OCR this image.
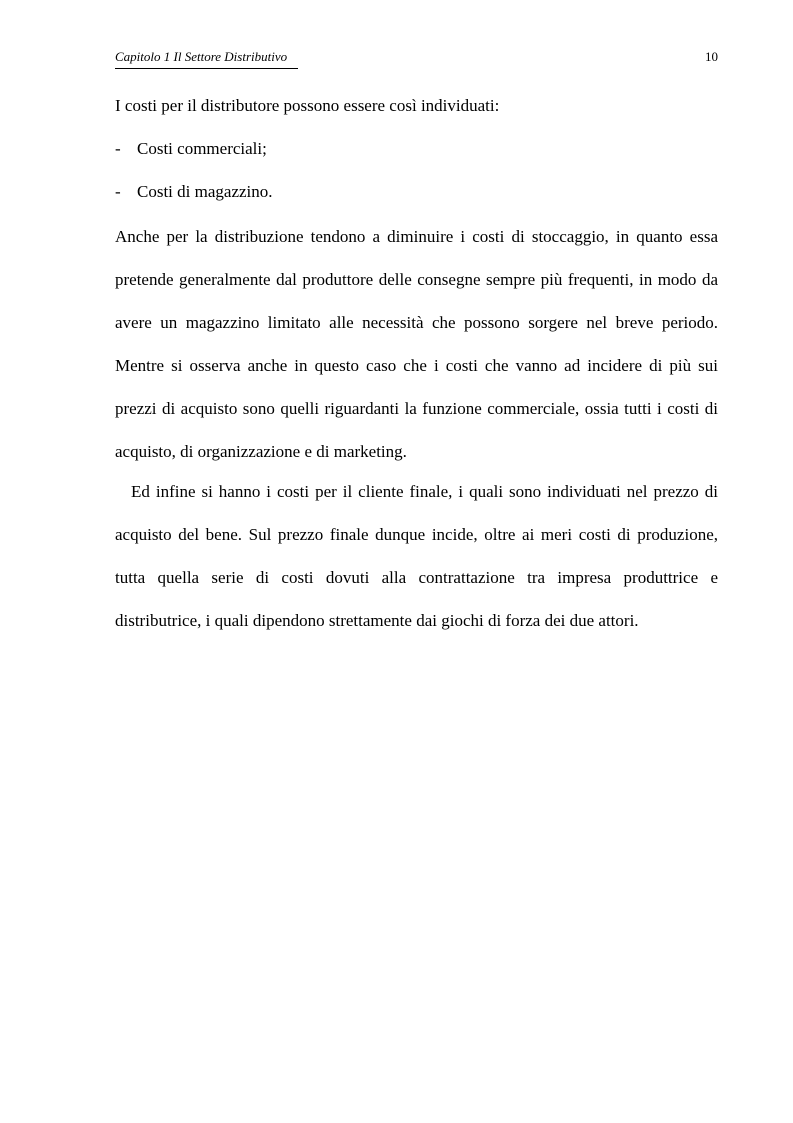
Capitolo 1 Il Settore Distributivo	10

I costi per il distributore possono essere così individuati:

- Costi commerciali;
- Costi di magazzino.

Anche per la distribuzione tendono a diminuire i costi di stoccaggio, in quanto essa pretende generalmente dal produttore delle consegne sempre più frequenti, in modo da avere un magazzino limitato alle necessità che possono sorgere nel breve periodo. Mentre si osserva anche in questo caso che i costi che vanno ad incidere di più sui prezzi di acquisto sono quelli riguardanti la funzione commerciale, ossia tutti i costi di acquisto, di organizzazione e di marketing.

Ed infine si hanno i costi per il cliente finale, i quali sono individuati nel prezzo di acquisto del bene. Sul prezzo finale dunque incide, oltre ai meri costi di produzione, tutta quella serie di costi dovuti alla contrattazione tra impresa produttrice e distributrice, i quali dipendono strettamente dai giochi di forza dei due attori.
